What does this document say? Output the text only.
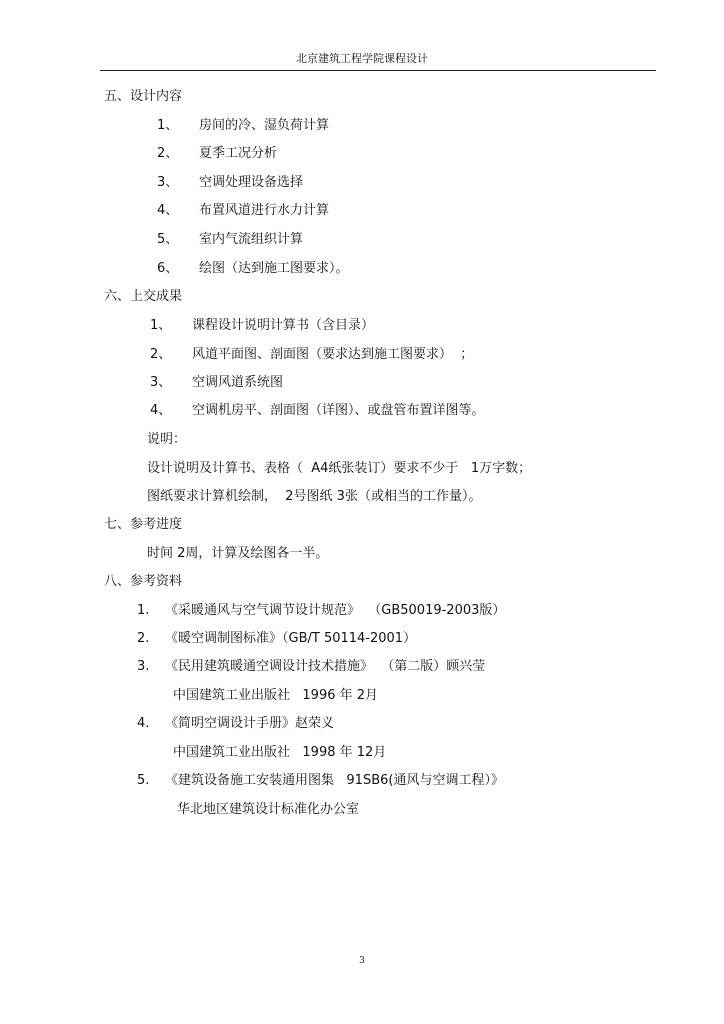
北京建筑工程学院课程设计
五、设计内容
1、 房间的冷、湿负荷计算
2、 夏季工况分析
3、 空调处理设备选择
4、 布置风道进行水力计算
5、 室内气流组织计算
6、 绘图（达到施工图要求）。
六、上交成果
1、 课程设计说明计算书（含目录）
2、 风道平面图、剖面图（要求达到施工图要求）  ；
3、 空调风道系统图
4、 空调机房平、剖面图（详图）、或盘管布置详图等。
说明：
设计说明及计算书、表格（  A4纸张装订）要求不少于   1万字数；
图纸要求计算机绘制，  2号图纸 3张（或相当的工作量）。
七、参考进度
时间 2周，计算及绘图各一半。
八、参考资料
1. 《采暖通风与空气调节设计规范》  （GB50019-2003版）
2. 《暖空调制图标准》（GB/T 50114-2001）
3. 《民用建筑暖通空调设计技术措施》  （第二版）顾兴莹
中国建筑工业出版社   1996 年 2月
4. 《简明空调设计手册》赵荣义
中国建筑工业出版社   1998 年 12月
5. 《建筑设备施工安装通用图集   91SB6(通风与空调工程）》
华北地区建筑设计标准化办公室
3
